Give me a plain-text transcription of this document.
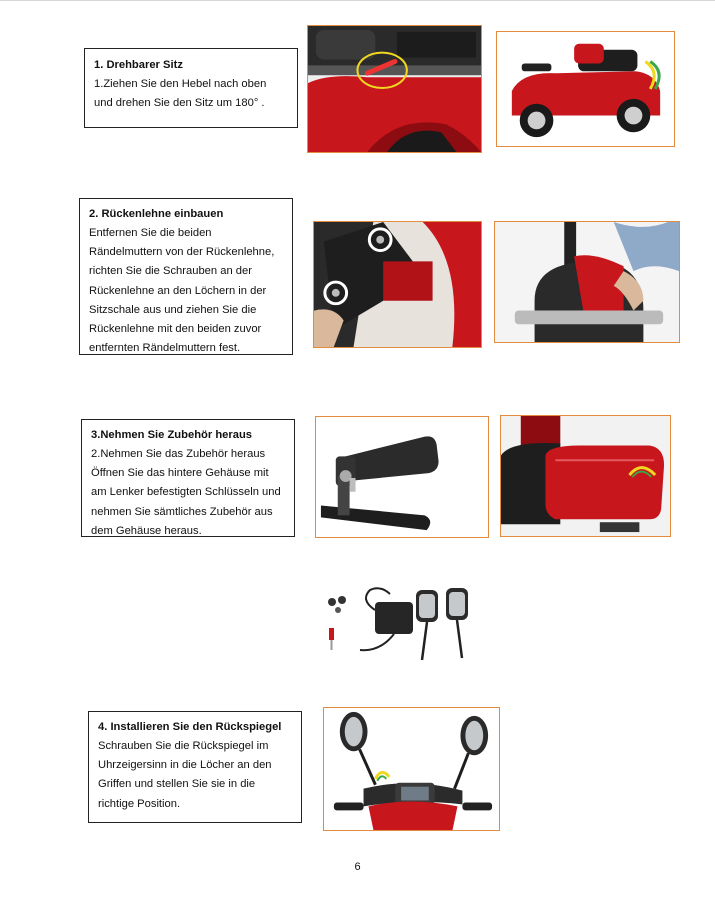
1. Drehbarer Sitz

1.Ziehen Sie den Hebel nach oben

und drehen Sie den Sitz um 180° .

2. Rückenlehne einbauen

Entfernen Sie die beiden

Rändelmuttern von der Rückenlehne,

richten Sie die Schrauben an der

Rückenlehne an den Löchern in der

Sitzschale aus und ziehen Sie die

Rückenlehne mit den beiden zuvor

entfernten Rändelmuttern fest.

3.Nehmen Sie Zubehör heraus

2.Nehmen Sie das Zubehör heraus

Öffnen Sie das hintere Gehäuse mit

am Lenker befestigten Schlüsseln und

nehmen Sie sämtliches Zubehör aus

dem Gehäuse heraus.

4. Installieren Sie den Rückspiegel

Schrauben Sie die Rückspiegel im

Uhrzeigersinn in die Löcher an den

Griffen und stellen Sie sie in die

richtige Position.

6
